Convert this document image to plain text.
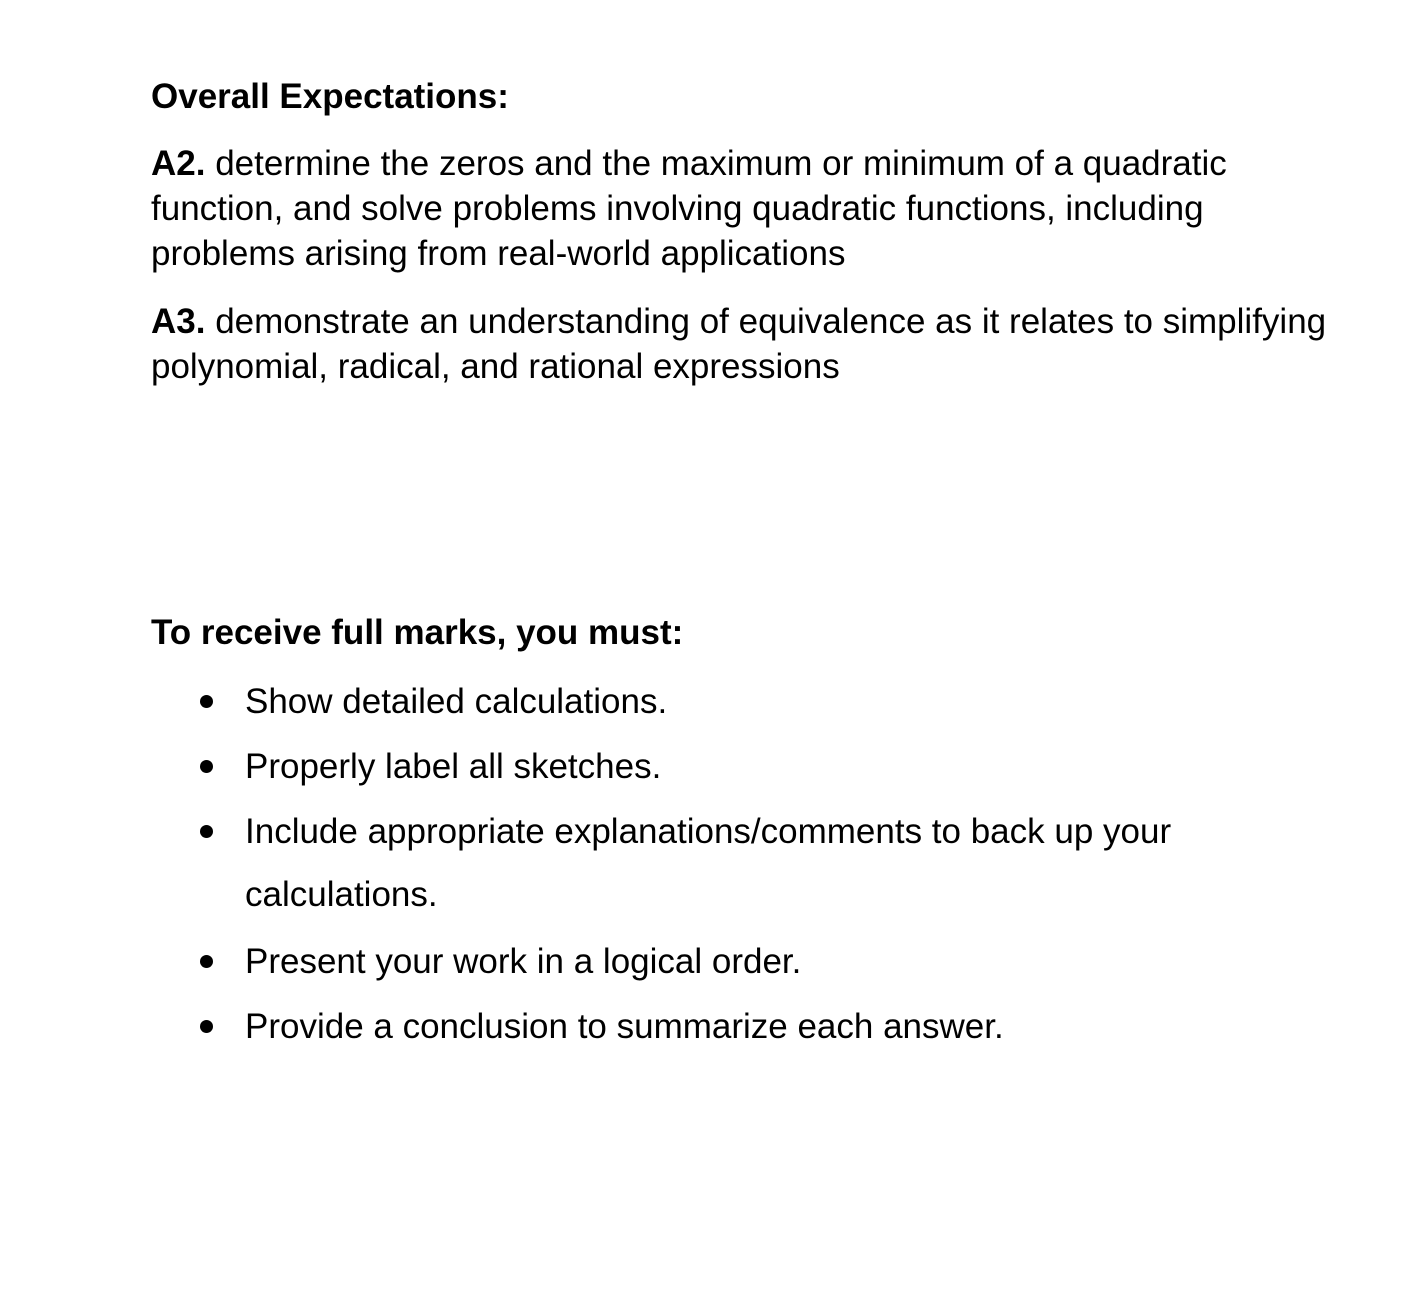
Overall Expectations:
A2. determine the zeros and the maximum or minimum of a quadratic function, and solve problems involving quadratic functions, including problems arising from real-world applications
A3. demonstrate an understanding of equivalence as it relates to simplifying polynomial, radical, and rational expressions
To receive full marks, you must:
Show detailed calculations.
Properly label all sketches.
Include appropriate explanations/comments to back up your calculations.
Present your work in a logical order.
Provide a conclusion to summarize each answer.
